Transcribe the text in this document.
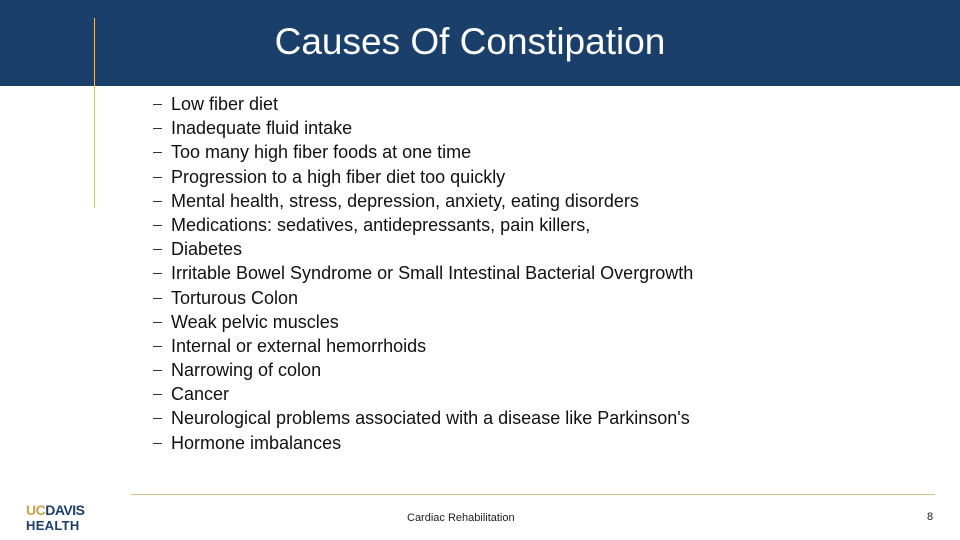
Causes Of Constipation
Low fiber diet
Inadequate fluid intake
Too many high fiber foods at one time
Progression to a high fiber diet too quickly
Mental health, stress, depression, anxiety, eating disorders
Medications: sedatives, antidepressants, pain killers,
Diabetes
Irritable Bowel Syndrome or Small Intestinal Bacterial Overgrowth
Torturous Colon
Weak pelvic muscles
Internal or external hemorrhoids
Narrowing of colon
Cancer
Neurological problems associated with a disease like Parkinson's
Hormone imbalances
UCDAVIS
HEALTH	Cardiac Rehabilitation	8
